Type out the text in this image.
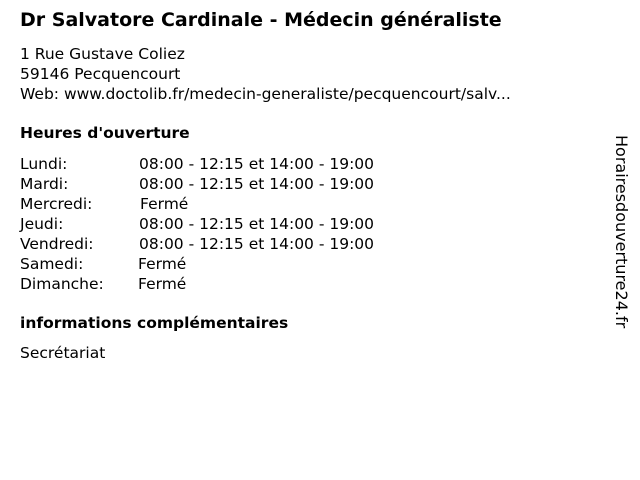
Dr Salvatore Cardinale - Médecin généraliste
1 Rue Gustave Coliez
59146 Pecquencourt
Web: www.doctolib.fr/medecin-generaliste/pecquencourt/salv...
Heures d'ouverture
Lundi:	08:00 - 12:15 et 14:00 - 19:00
Mardi:	08:00 - 12:15 et 14:00 - 19:00
Mercredi:	Fermé
Jeudi:	08:00 - 12:15 et 14:00 - 19:00
Vendredi:	08:00 - 12:15 et 14:00 - 19:00
Samedi:	Fermé
Dimanche: Fermé
informations complémentaires
Secrétariat
Horairesdouverture24.fr
